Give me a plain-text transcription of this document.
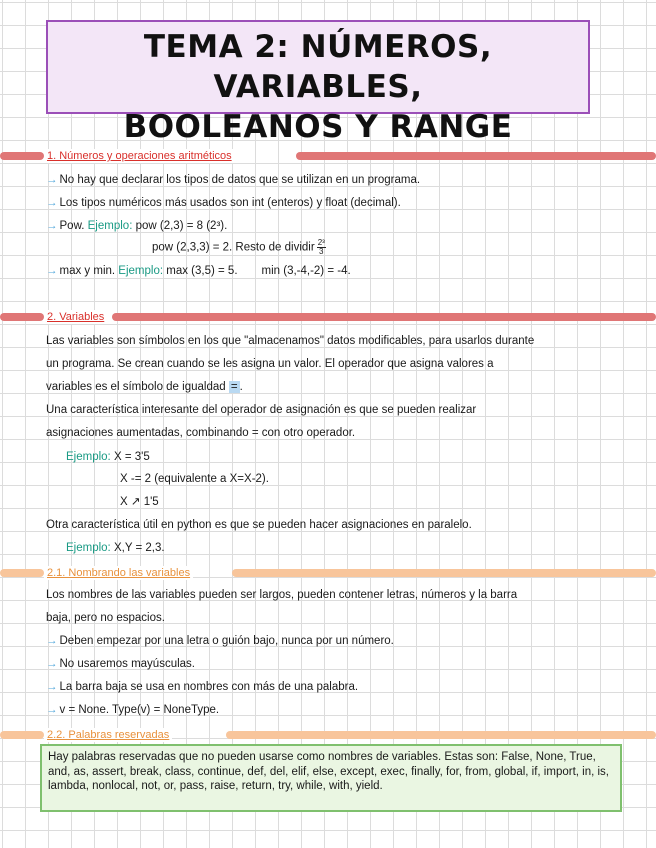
TEMA 2: NÚMEROS, VARIABLES,
BOOLEANOS Y RANGE
1. Números y operaciones aritméticos
→ No hay que declarar los tipos de datos que se utilizan en un programa.
→ Los tipos numéricos más usados son int (enteros) y float (decimal).
→ Pow. Ejemplo: pow (2,3) = 8 (2³).
pow (2,3,3) = 2. Resto de dividir $\frac{\text{2³}}{3}$
→ max y min. Ejemplo: max (3,5) = 5. min (3,-4,-2) = -4.
2. Variables
Las variables son símbolos en los que "almacenamos" datos modificables, para usarlos durante
un programa. Se crean cuando se les asigna un valor. El operador que asigna valores a
variables es el símbolo de igualdad = .
Una característica interesante del operador de asignación es que se pueden realizar
asignaciones aumentadas, combinando = con otro operador.
Ejemplo: X = 3'5
X -= 2 (equivalente a X=X-2).
X ↗ 1'5
Otra característica útil en python es que se pueden hacer asignaciones en paralelo.
Ejemplo: X,Y = 2,3.
2.1. Nombrando las variables
Los nombres de las variables pueden ser largos, pueden contener letras, números y la barra
baja, pero no espacios.
→ Deben empezar por una letra o guión bajo, nunca por un número.
→ No usaremos mayúsculas.
→ La barra baja se usa en nombres con más de una palabra.
→ v = None. Type(v) = NoneType.
2.2. Palabras reservadas
Hay palabras reservadas que no pueden usarse como nombres de variables. Estas son: False, None, True, and, as, assert, break, class, continue, def, del, elif, else, except, exec, finally, for, from, global, if, import, in, is, lambda, nonlocal, not, or, pass, raise, return, try, while, with, yield.
